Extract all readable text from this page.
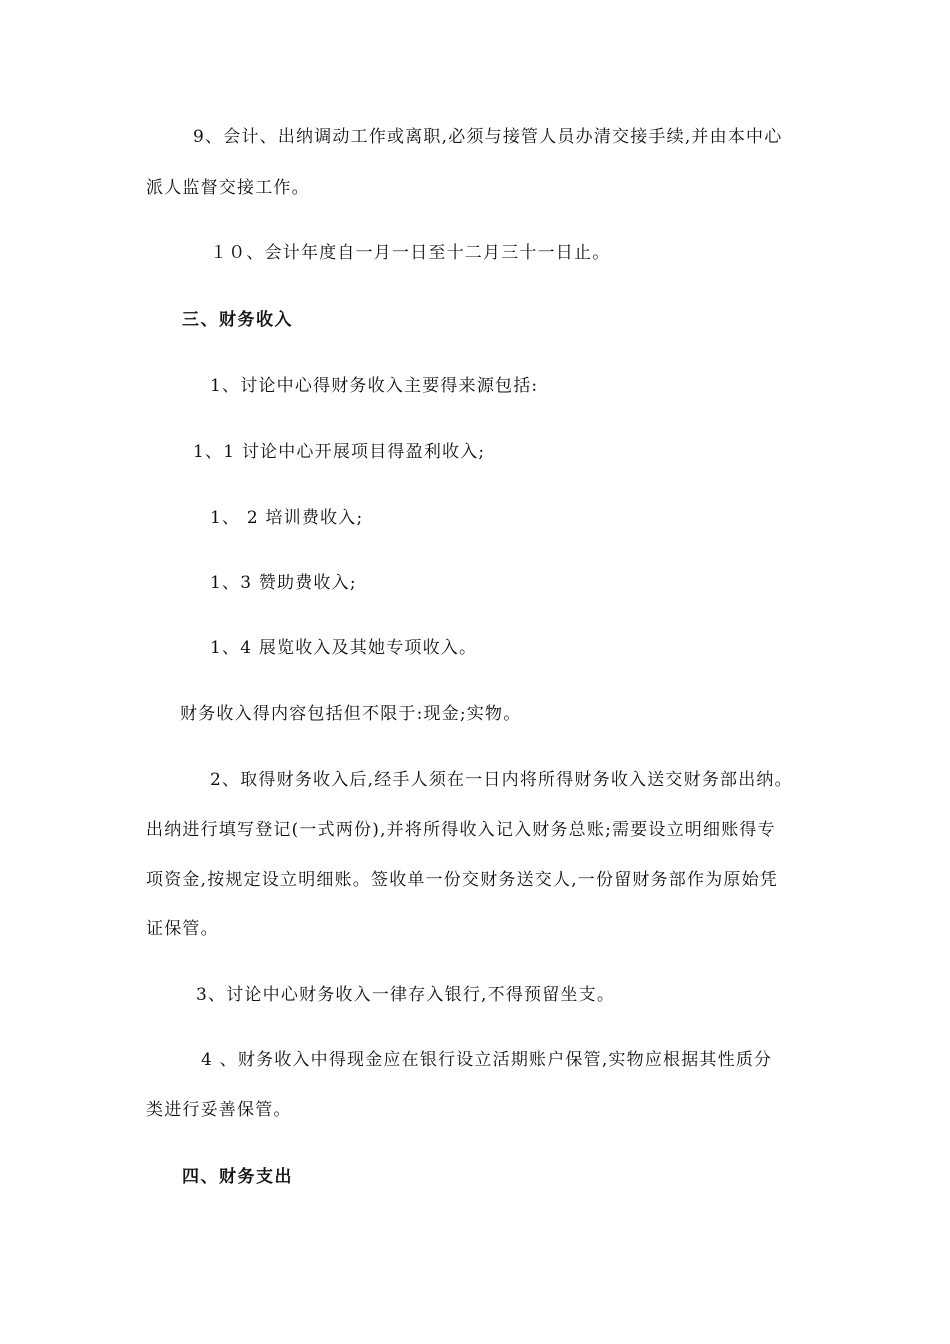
9、会计、出纳调动工作或离职,必须与接管人员办清交接手续,并由本中心
派人监督交接工作。
１０、会计年度自一月一日至十二月三十一日止。
三、财务收入
1、讨论中心得财务收入主要得来源包括:
1、1 讨论中心开展项目得盈利收入;
1、 2 培训费收入;
1、3 赞助费收入;
1、4 展览收入及其她专项收入。
财务收入得内容包括但不限于:现金;实物。
2、取得财务收入后,经手人须在一日内将所得财务收入送交财务部出纳。
出纳进行填写登记(一式两份),并将所得收入记入财务总账;需要设立明细账得专
项资金,按规定设立明细账。签收单一份交财务送交人,一份留财务部作为原始凭
证保管。
3、讨论中心财务收入一律存入银行,不得预留坐支。
4 、财务收入中得现金应在银行设立活期账户保管,实物应根据其性质分
类进行妥善保管。
四、财务支出
